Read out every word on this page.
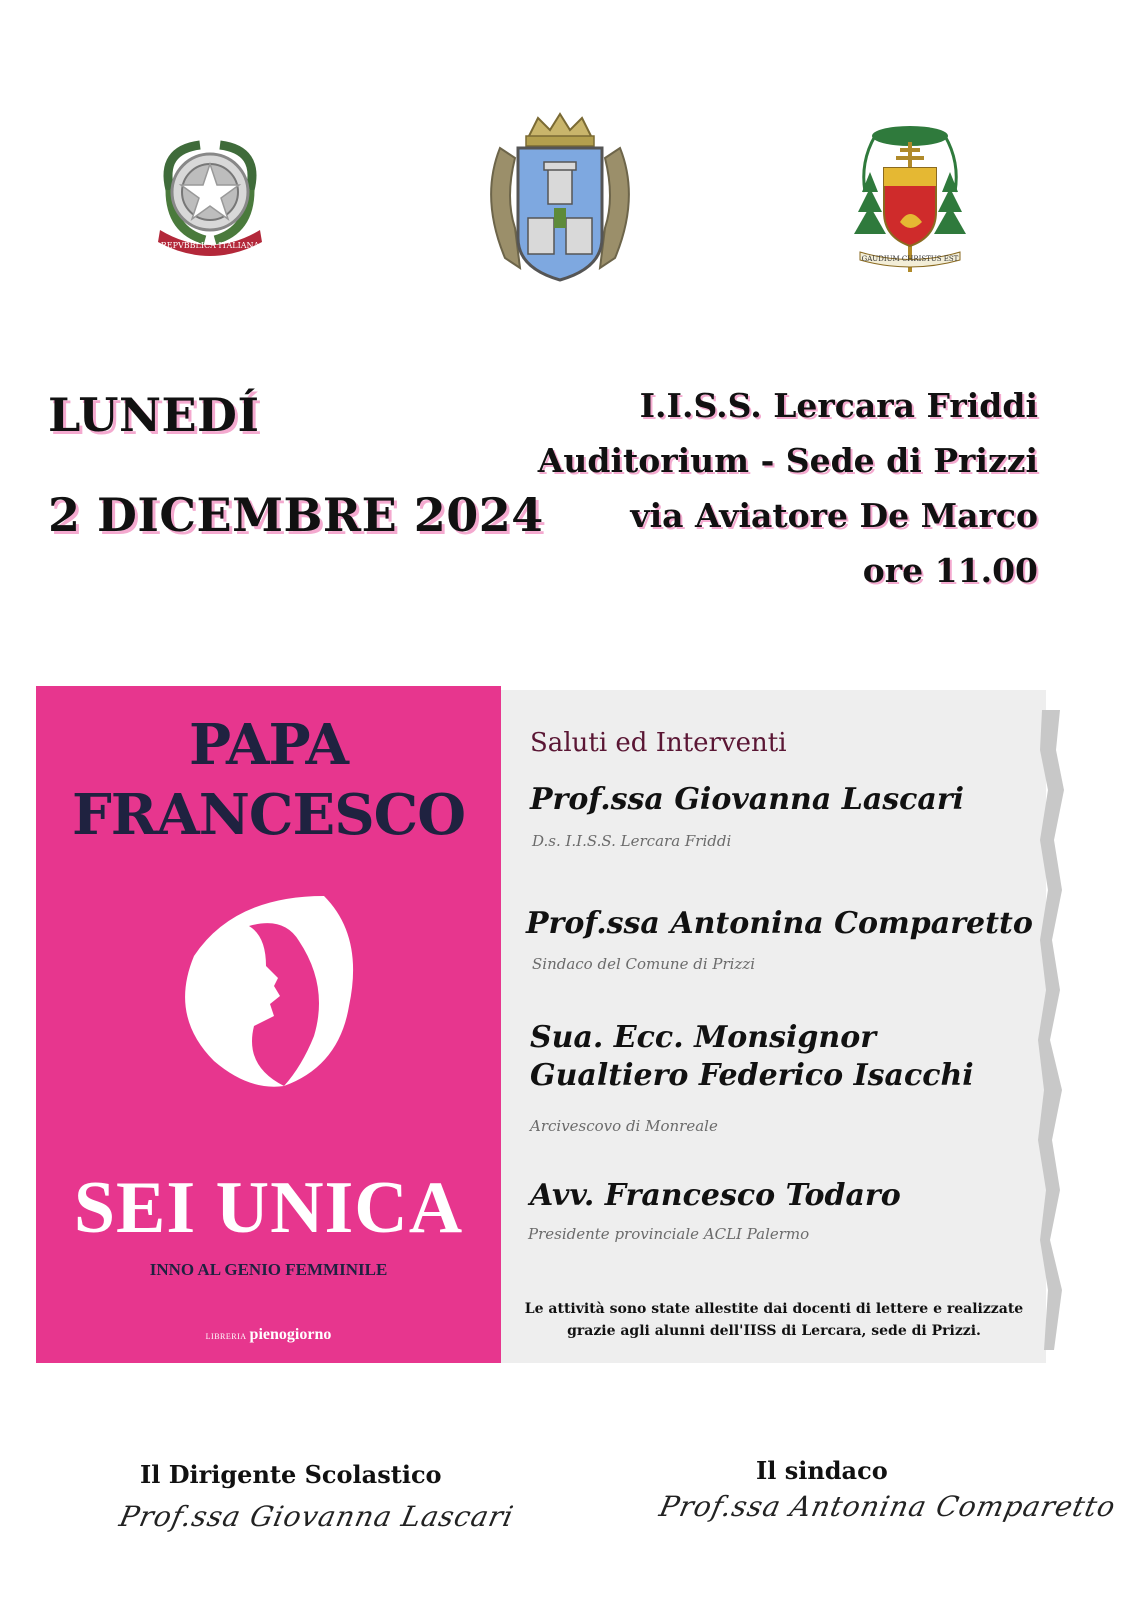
REPVBBLICA ITALIANA
GAUDIUM CHRISTUS EST
LUNEDÍ
2 DICEMBRE 2024
I.I.S.S. Lercara Friddi
Auditorium - Sede di Prizzi
via Aviatore De Marco
ore 11.00
PAPA
FRANCESCO
SEI UNICA
INNO AL GENIO FEMMINILE
LIBRERIA pienogiorno
Saluti ed Interventi
Prof.ssa Giovanna Lascari
D.s. I.I.S.S. Lercara Friddi
Prof.ssa Antonina Comparetto
Sindaco del Comune di Prizzi
Sua. Ecc. Monsignor
Gualtiero Federico Isacchi
Arcivescovo di Monreale
Avv. Francesco Todaro
Presidente provinciale ACLI Palermo
Le attività sono state allestite dai docenti di lettere e realizzate
grazie agli alunni dell'IISS di Lercara, sede di Prizzi.
Il Dirigente Scolastico
Prof.ssa Giovanna Lascari
Il sindaco
Prof.ssa Antonina Comparetto
